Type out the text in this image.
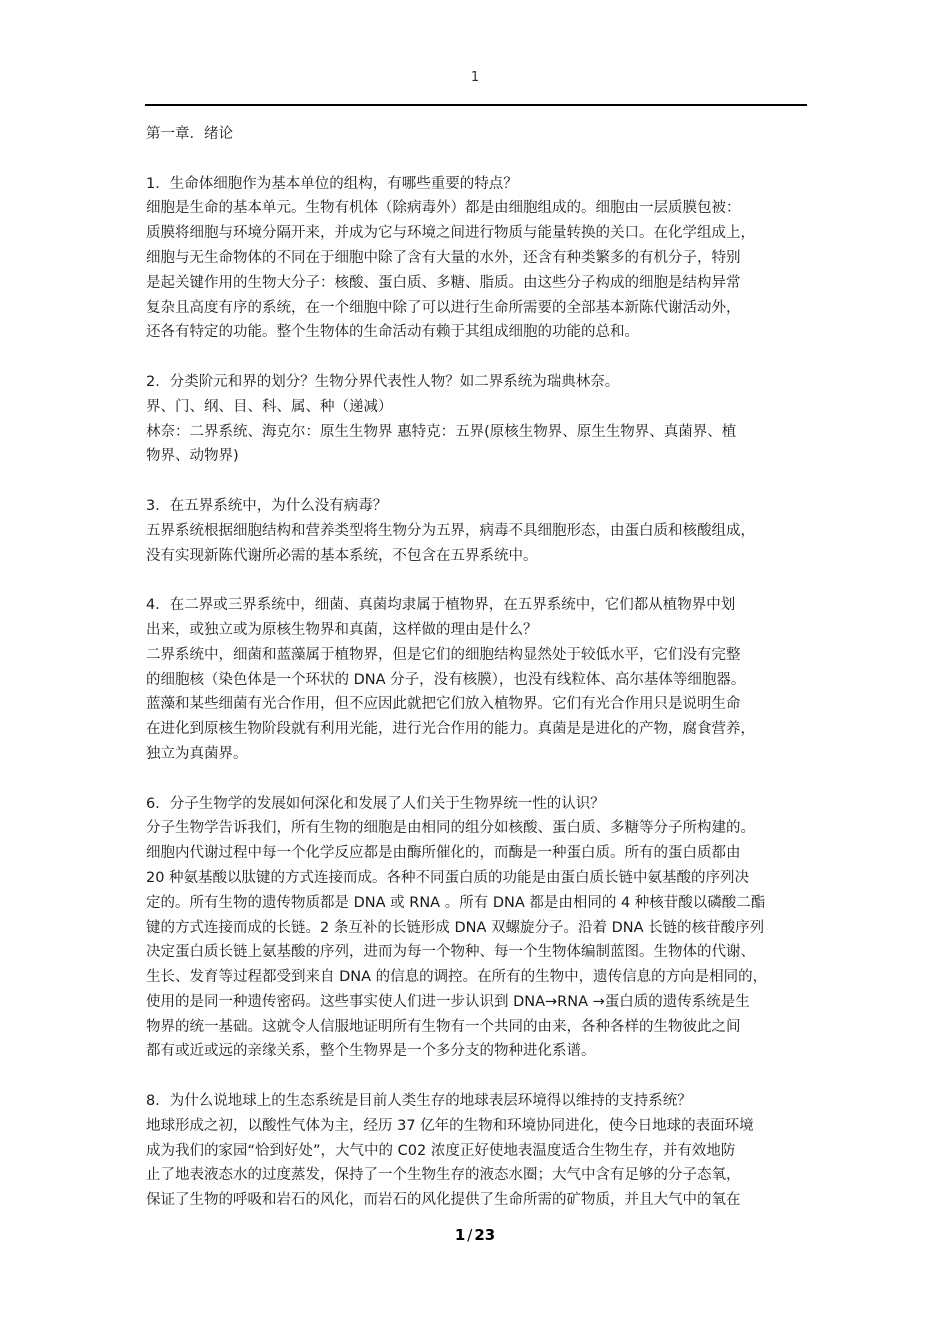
1
第一章．绪论
1．生命体细胞作为基本单位的组构，有哪些重要的特点？
细胞是生命的基本单元。生物有机体（除病毒外）都是由细胞组成的。细胞由一层质膜包被：
质膜将细胞与环境分隔开来，并成为它与环境之间进行物质与能量转换的关口。在化学组成上，
细胞与无生命物体的不同在于细胞中除了含有大量的水外，还含有种类繁多的有机分子，特别
是起关键作用的生物大分子：核酸、蛋白质、多糖、脂质。由这些分子构成的细胞是结构异常
复杂且高度有序的系统，在一个细胞中除了可以进行生命所需要的全部基本新陈代谢活动外，
还各有特定的功能。整个生物体的生命活动有赖于其组成细胞的功能的总和。
2．分类阶元和界的划分？生物分界代表性人物？如二界系统为瑞典林奈。
界、门、纲、目、科、属、种（递减）
林奈：二界系统、海克尔：原生生物界 惠特克：五界(原核生物界、原生生物界、真菌界、植
物界、动物界)
3．在五界系统中，为什么没有病毒？
五界系统根据细胞结构和营养类型将生物分为五界，病毒不具细胞形态，由蛋白质和核酸组成，
没有实现新陈代谢所必需的基本系统，不包含在五界系统中。
4．在二界或三界系统中，细菌、真菌均隶属于植物界，在五界系统中，它们都从植物界中划
出来，或独立或为原核生物界和真菌，这样做的理由是什么？
二界系统中，细菌和蓝藻属于植物界，但是它们的细胞结构显然处于较低水平，它们没有完整
的细胞核（染色体是一个环状的 DNA 分子，没有核膜），也没有线粒体、高尔基体等细胞器。
蓝藻和某些细菌有光合作用，但不应因此就把它们放入植物界。它们有光合作用只是说明生命
在进化到原核生物阶段就有利用光能，进行光合作用的能力。真菌是是进化的产物，腐食营养，
独立为真菌界。
6．分子生物学的发展如何深化和发展了人们关于生物界统一性的认识？
分子生物学告诉我们，所有生物的细胞是由相同的组分如核酸、蛋白质、多糖等分子所构建的。
细胞内代谢过程中每一个化学反应都是由酶所催化的，而酶是一种蛋白质。所有的蛋白质都由
20 种氨基酸以肽键的方式连接而成。各种不同蛋白质的功能是由蛋白质长链中氨基酸的序列决
定的。所有生物的遗传物质都是 DNA 或 RNA 。所有 DNA 都是由相同的 4 种核苷酸以磷酸二酯
键的方式连接而成的长链。2 条互补的长链形成 DNA 双螺旋分子。沿着 DNA 长链的核苷酸序列
决定蛋白质长链上氨基酸的序列，进而为每一个物种、每一个生物体编制蓝图。生物体的代谢、
生长、发育等过程都受到来自 DNA 的信息的调控。在所有的生物中，遗传信息的方向是相同的，
使用的是同一种遗传密码。这些事实使人们进一步认识到 DNA→RNA →蛋白质的遗传系统是生
物界的统一基础。这就令人信服地证明所有生物有一个共同的由来，各种各样的生物彼此之间
都有或近或远的亲缘关系，整个生物界是一个多分支的物种进化系谱。
8．为什么说地球上的生态系统是目前人类生存的地球表层环境得以维持的支持系统？
地球形成之初，以酸性气体为主，经历 37 亿年的生物和环境协同进化，使今日地球的表面环境
成为我们的家园“恰到好处”，大气中的 C02 浓度正好使地表温度适合生物生存，并有效地防
止了地表液态水的过度蒸发，保持了一个生物生存的液态水圈；大气中含有足够的分子态氧，
保证了生物的呼吸和岩石的风化，而岩石的风化提供了生命所需的矿物质，并且大气中的氧在
1 / 23
